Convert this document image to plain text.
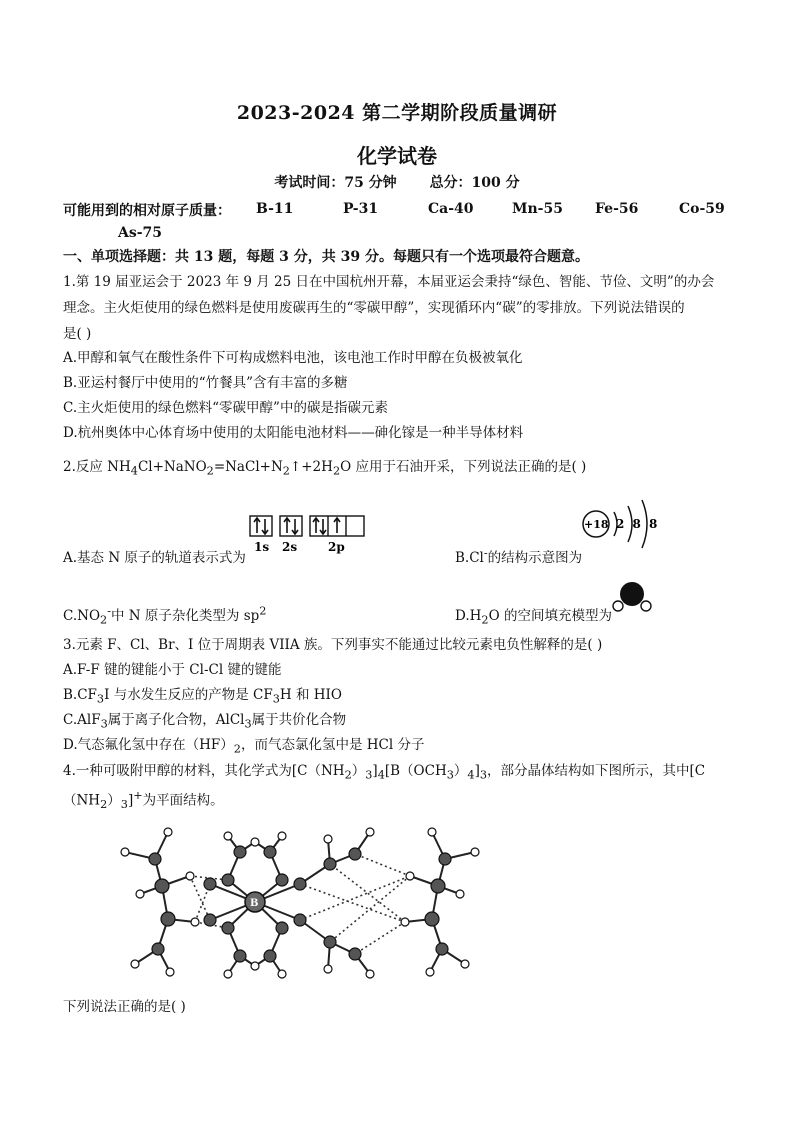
2023-2024 第二学期阶段质量调研
化学试卷
考试时间：75 分钟 总分：100 分
可能用到的相对原子质量：	B-11	P-31	Ca-40	Mn-55 Fe-56	Co-59
As-75
一、单项选择题：共 13 题，每题 3 分，共 39 分。每题只有一个选项最符合题意。
1.第 19 届亚运会于 2023 年 9 月 25 日在中国杭州开幕，本届亚运会秉持“绿色、智能、节俭、文明”的办会
理念。主火炬使用的绿色燃料是使用废碳再生的“零碳甲醇”，实现循环内“碳”的零排放。下列说法错误的
是( )
A.甲醇和氧气在酸性条件下可构成燃料电池，该电池工作时甲醇在负极被氧化
B.亚运村餐厅中使用的“竹餐具”含有丰富的多糖
C.主火炬使用的绿色燃料“零碳甲醇”中的碳是指碳元素
D.杭州奥体中心体育场中使用的太阳能电池材料——砷化镓是一种半导体材料
2.反应 $NH_4Cl+NaNO_2=NaCl+N_2↑+2H_2O$ 应用于石油开采，下列说法正确的是( )
1s 2s	2p
+18 2 8 8
A.基态 N 原子的轨道表示式为	B.Cl-的结构示意图为
$C.NO_2^-$中 N 原子杂化类型为 $sp^2$	$D.H_2O$ 的空间填充模型为
3.元素 F、Cl、Br、I 位于周期表 VIIA 族。下列事实不能通过比较元素电负性解释的是( )
A.F-F 键的键能小于 Cl-Cl 键的键能
$B.CF_3I$ 与水发生反应的产物是 $CF_3H$ 和 HIO
C.AlF$_3$属于离子化合物，AlCl$_3$属于共价化合物
D.气态氟化氢中存在$(HF)_2$，而气态氯化氢中是 HCl 分子
4.一种可吸附甲醇的材料，其化学式为$[C(NH_2)_3]_4[B(OCH_3)_4]_3$，部分晶体结构如下图所示，其中[C
$(NH_2)_3]^+$为平面结构。
B
下列说法正确的是( )
